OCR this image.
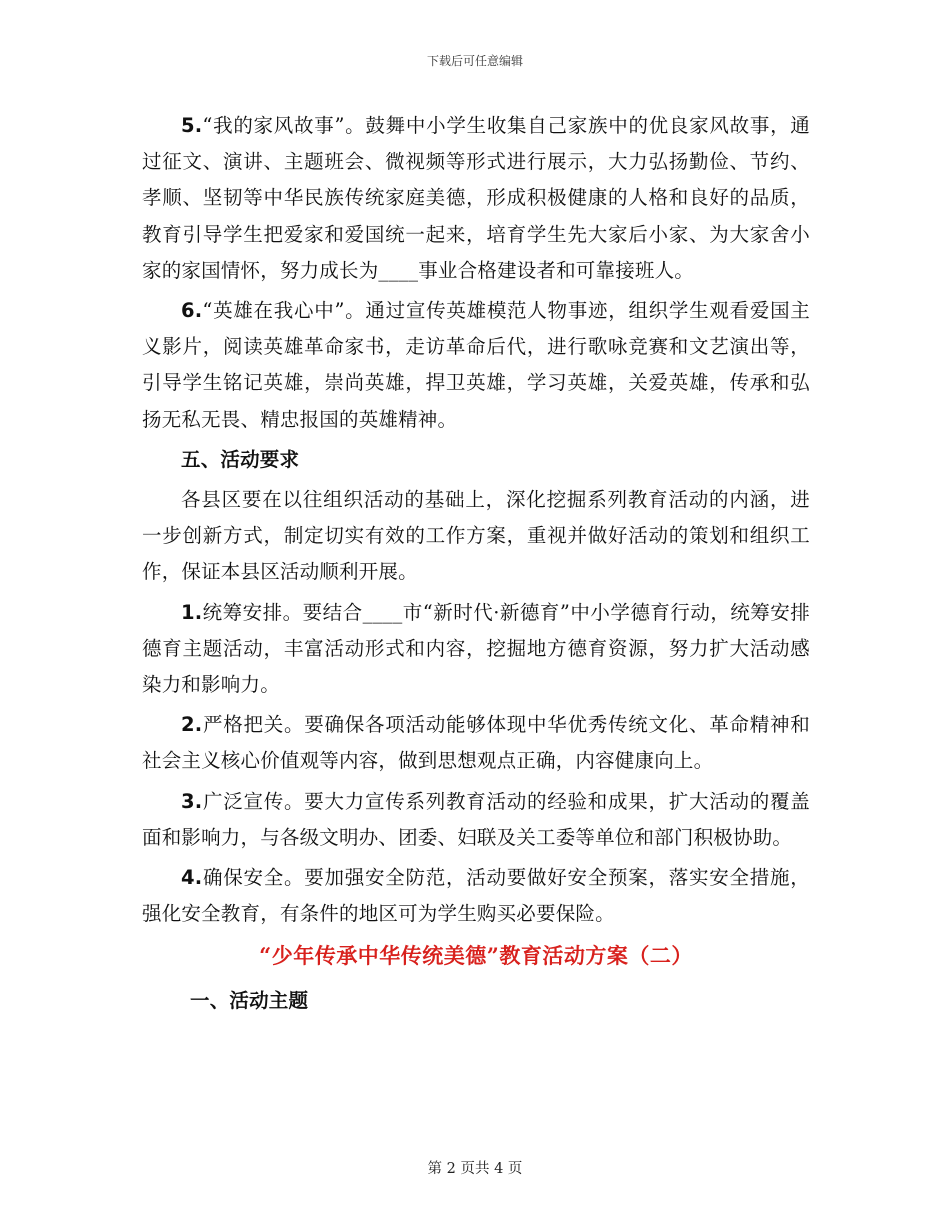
下载后可任意编辑

5.“我的家风故事”。鼓舞中小学生收集自己家族中的优良家风故事，通过征文、演讲、主题班会、微视频等形式进行展示，大力弘扬勤俭、节约、孝顺、坚韧等中华民族传统家庭美德，形成积极健康的人格和良好的品质，教育引导学生把爱家和爱国统一起来，培育学生先大家后小家、为大家舍小家的家国情怀，努力成长为____事业合格建设者和可靠接班人。

6.“英雄在我心中”。通过宣传英雄模范人物事迹，组织学生观看爱国主义影片，阅读英雄革命家书，走访革命后代，进行歌咏竞赛和文艺演出等，引导学生铭记英雄，崇尚英雄，捍卫英雄，学习英雄，关爱英雄，传承和弘扬无私无畏、精忠报国的英雄精神。

五、活动要求

各县区要在以往组织活动的基础上，深化挖掘系列教育活动的内涵，进一步创新方式，制定切实有效的工作方案，重视并做好活动的策划和组织工作，保证本县区活动顺利开展。

1.统筹安排。要结合____市“新时代·新德育”中小学德育行动，统筹安排德育主题活动，丰富活动形式和内容，挖掘地方德育资源，努力扩大活动感染力和影响力。

2.严格把关。要确保各项活动能够体现中华优秀传统文化、革命精神和社会主义核心价值观等内容，做到思想观点正确，内容健康向上。

3.广泛宣传。要大力宣传系列教育活动的经验和成果，扩大活动的覆盖面和影响力，与各级文明办、团委、妇联及关工委等单位和部门积极协助。

4.确保安全。要加强安全防范，活动要做好安全预案，落实安全措施，强化安全教育，有条件的地区可为学生购买必要保险。

“少年传承中华传统美德”教育活动方案（二）

一、活动主题

第 2 页共 4 页
